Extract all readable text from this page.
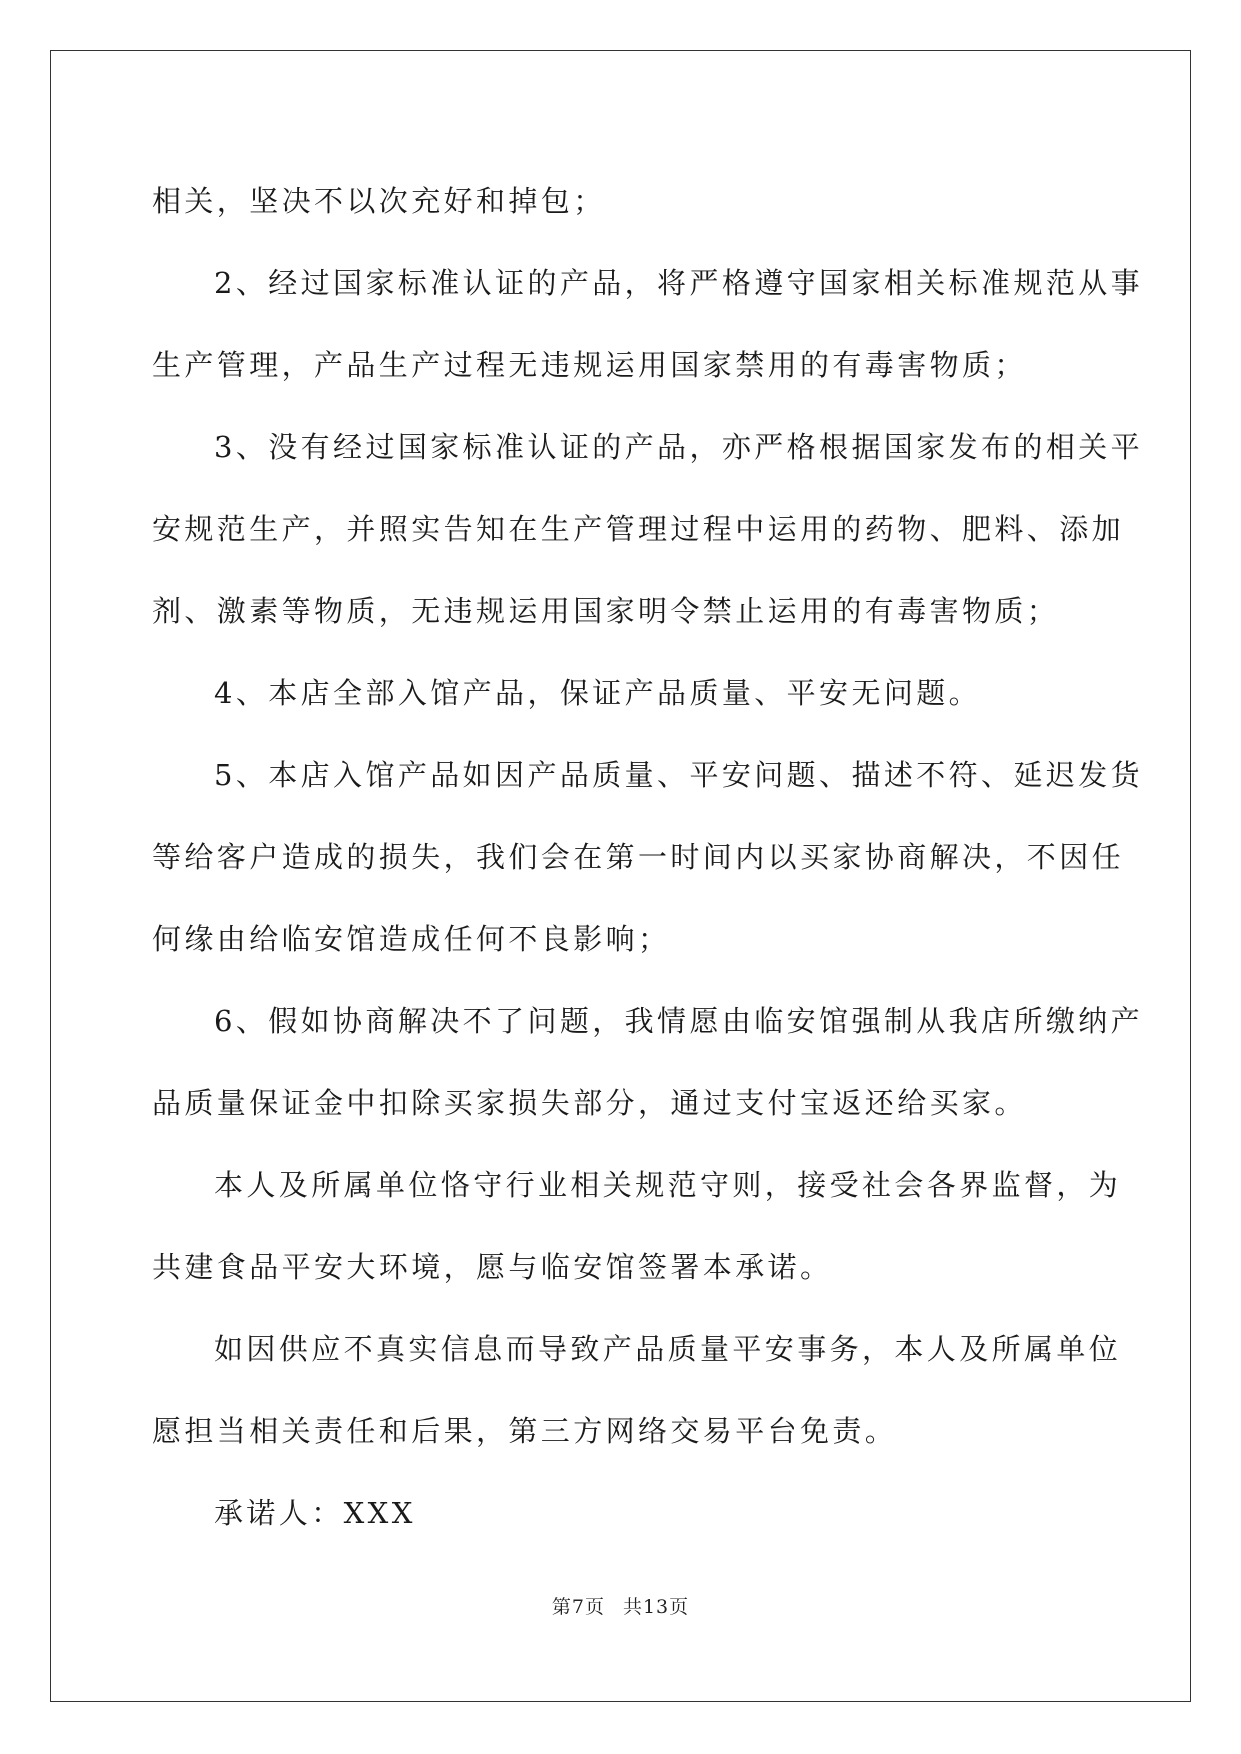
相关，坚决不以次充好和掉包；

2、经过国家标准认证的产品，将严格遵守国家相关标准规范从事

生产管理，产品生产过程无违规运用国家禁用的有毒害物质；

3、没有经过国家标准认证的产品，亦严格根据国家发布的相关平

安规范生产，并照实告知在生产管理过程中运用的药物、肥料、添加

剂、激素等物质，无违规运用国家明令禁止运用的有毒害物质；

4、本店全部入馆产品，保证产品质量、平安无问题。

5、本店入馆产品如因产品质量、平安问题、描述不符、延迟发货

等给客户造成的损失，我们会在第一时间内以买家协商解决，不因任

何缘由给临安馆造成任何不良影响；

6、假如协商解决不了问题，我情愿由临安馆强制从我店所缴纳产

品质量保证金中扣除买家损失部分，通过支付宝返还给买家。

本人及所属单位恪守行业相关规范守则，接受社会各界监督，为

共建食品平安大环境，愿与临安馆签署本承诺。

如因供应不真实信息而导致产品质量平安事务，本人及所属单位

愿担当相关责任和后果，第三方网络交易平台免责。

承诺人：XXX

第7页 共13页
